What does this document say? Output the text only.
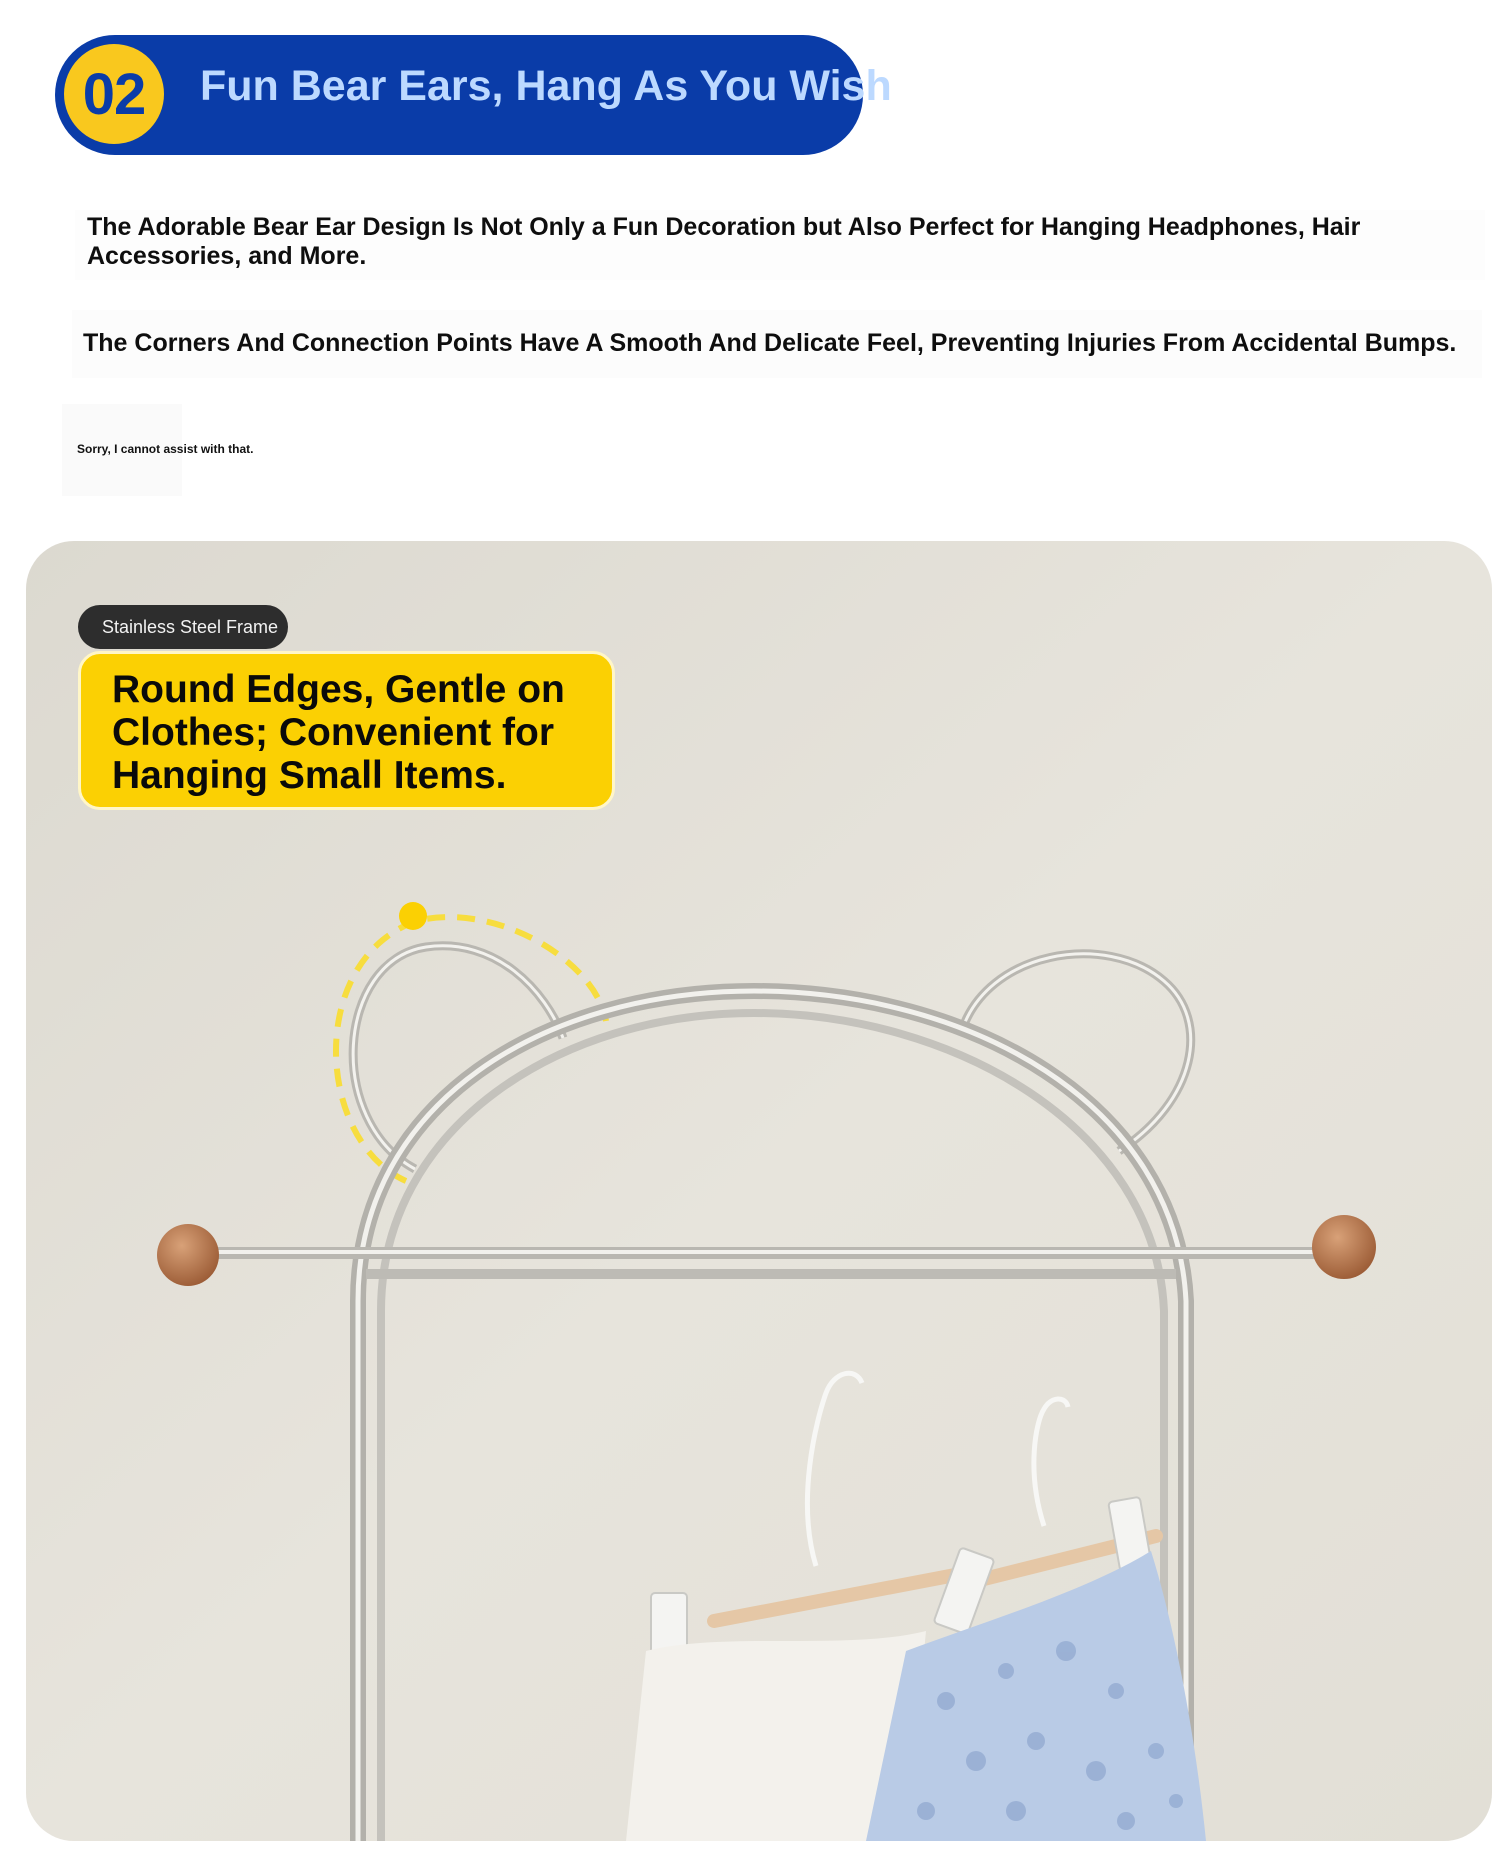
02	Fun Bear Ears, Hang As You Wish
The Adorable Bear Ear Design Is Not Only a Fun Decoration but Also Perfect for Hanging Headphones, Hair Accessories, and More.
The Corners And Connection Points Have A Smooth And Delicate Feel, Preventing Injuries From Accidental Bumps.
Sorry, I cannot assist with that.
Stainless Steel Frame
Round Edges, Gentle on Clothes; Convenient for Hanging Small Items.
